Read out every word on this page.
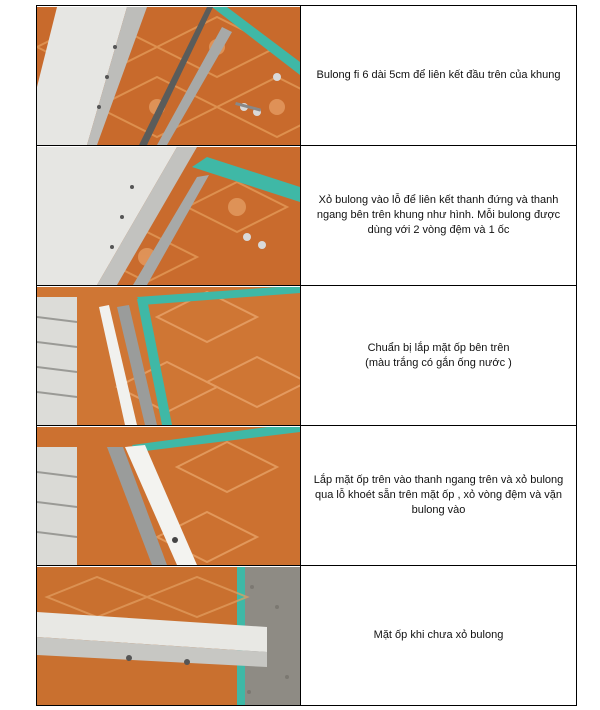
Bulong fi 6 dài 5cm để liên kết đầu trên của khung

Xỏ bulong vào lỗ để liên kết thanh đứng và thanh ngang bên trên khung như hình. Mỗi bulong được dùng với 2 vòng đệm và 1 ốc

Chuẩn bị lắp mặt ốp bên trên
(màu trắng có gắn ống nước )

Lắp mặt ốp trên vào thanh ngang trên và xỏ bulong qua lỗ khoét sẵn trên mặt ốp , xỏ vòng đệm và vặn bulong vào

Mặt ốp khi chưa xỏ bulong
